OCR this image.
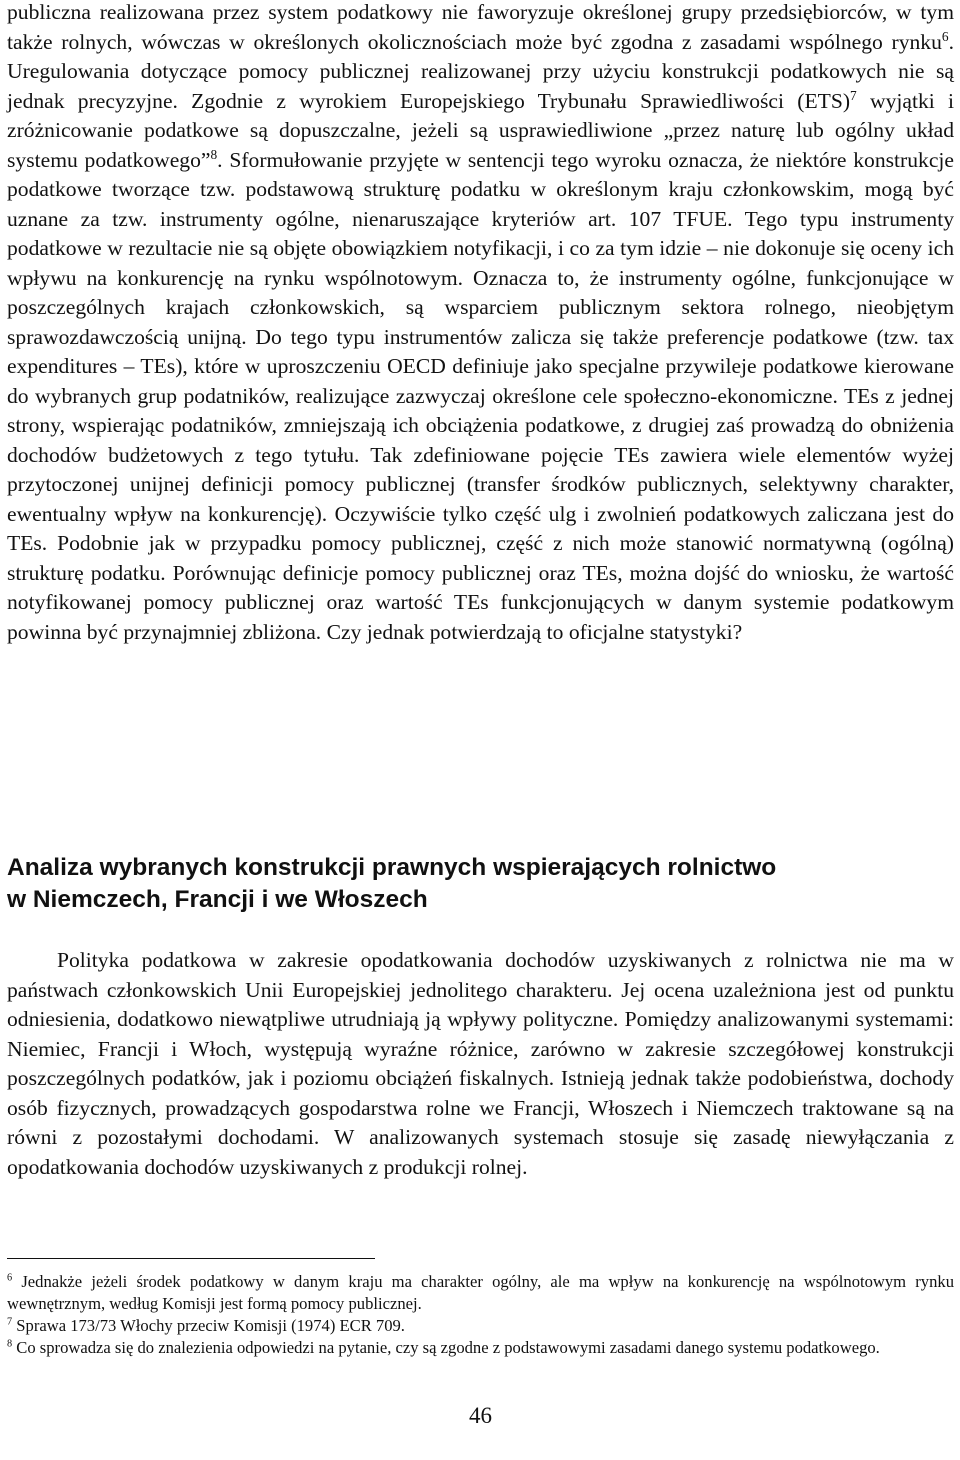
publiczna realizowana przez system podatkowy nie faworyzuje określonej grupy przedsiębiorców, w tym także rolnych, wówczas w określonych okolicznościach może być zgodna z zasadami wspólnego rynku$^6$. Uregulowania dotyczące pomocy publicznej realizowanej przy użyciu konstrukcji podatkowych nie są jednak precyzyjne. Zgodnie z wyrokiem Europejskiego Trybunału Sprawiedliwości (ETS)$^7$ wyjątki i zróżnicowanie podatkowe są dopuszczalne, jeżeli są usprawiedliwione „przez naturę lub ogólny układ systemu podatkowego”$^8$. Sformułowanie przyjęte w sentencji tego wyroku oznacza, że niektóre konstrukcje podatkowe tworzące tzw. podstawową strukturę podatku w określonym kraju członkowskim, mogą być uznane za tzw. instrumenty ogólne, nienaruszające kryteriów art. 107 TFUE. Tego typu instrumenty podatkowe w rezultacie nie są objęte obowiązkiem notyfikacji, i co za tym idzie – nie dokonuje się oceny ich wpływu na konkurencję na rynku wspólnotowym. Oznacza to, że instrumenty ogólne, funkcjonujące w poszczególnych krajach członkowskich, są wsparciem publicznym sektora rolnego, nieobjętym sprawozdawczością unijną. Do tego typu instrumentów zalicza się także preferencje podatkowe (tzw. tax expenditures – TEs), które w uproszczeniu OECD definiuje jako specjalne przywileje podatkowe kierowane do wybranych grup podatników, realizujące zazwyczaj określone cele społeczno-ekonomiczne. TEs z jednej strony, wspierając podatników, zmniejszają ich obciążenia podatkowe, z drugiej zaś prowadzą do obniżenia dochodów budżetowych z tego tytułu. Tak zdefiniowane pojęcie TEs zawiera wiele elementów wyżej przytoczonej unijnej definicji pomocy publicznej (transfer środków publicznych, selektywny charakter, ewentualny wpływ na konkurencję). Oczywiście tylko część ulg i zwolnień podatkowych zaliczana jest do TEs. Podobnie jak w przypadku pomocy publicznej, część z nich może stanowić normatywną (ogólną) strukturę podatku. Porównując definicje pomocy publicznej oraz TEs, można dojść do wniosku, że wartość notyfikowanej pomocy publicznej oraz wartość TEs funkcjonujących w danym systemie podatkowym powinna być przynajmniej zbliżona. Czy jednak potwierdzają to oficjalne statystyki?

Analiza wybranych konstrukcji prawnych wspierających rolnictwo
w Niemczech, Francji i we Włoszech

Polityka podatkowa w zakresie opodatkowania dochodów uzyskiwanych z rolnictwa nie ma w państwach członkowskich Unii Europejskiej jednolitego charakteru. Jej ocena uzależniona jest od punktu odniesienia, dodatkowo niewątpliwe utrudniają ją wpływy polityczne. Pomiędzy analizowanymi systemami: Niemiec, Francji i Włoch, występują wyraźne różnice, zarówno w zakresie szczegółowej konstrukcji poszczególnych podatków, jak i poziomu obciążeń fiskalnych. Istnieją jednak także podobieństwa, dochody osób fizycznych, prowadzących gospodarstwa rolne we Francji, Włoszech i Niemczech traktowane są na równi z pozostałymi dochodami. W analizowanych systemach stosuje się zasadę niewyłączania z opodatkowania dochodów uzyskiwanych z produkcji rolnej.

$^6$ Jednakże jeżeli środek podatkowy w danym kraju ma charakter ogólny, ale ma wpływ na konkurencję na wspólnotowym rynku wewnętrznym, według Komisji jest formą pomocy publicznej.

$^7$ Sprawa 173/73 Włochy przeciw Komisji (1974) ECR 709.

$^8$ Co sprowadza się do znalezienia odpowiedzi na pytanie, czy są zgodne z podstawowymi zasadami danego systemu podatkowego.

46
